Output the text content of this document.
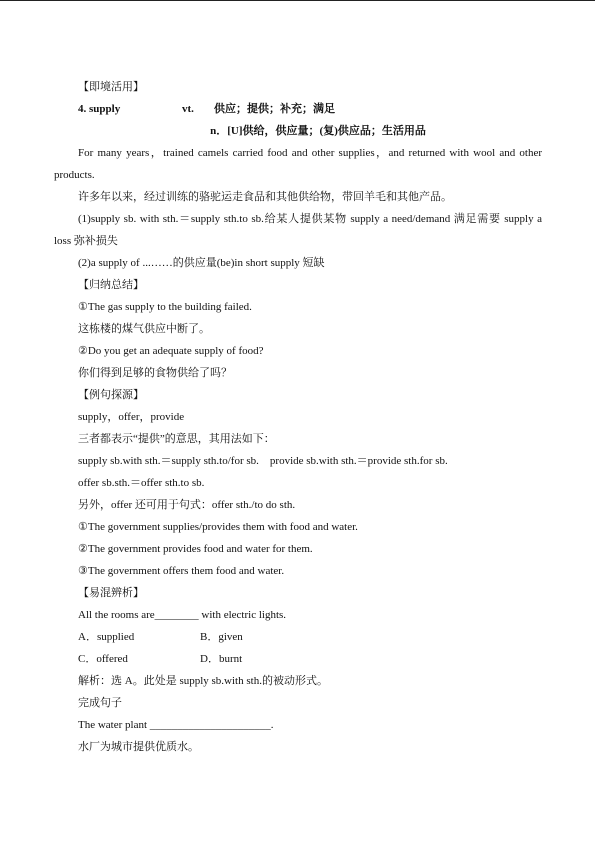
【即境活用】

4. supply	vt.	供应；提供；补充；满足

n．[U]供给，供应量；(复)供应品；生活用品

For many years，trained camels carried food and other supplies，and returned with wool and other products.

许多年以来，经过训练的骆驼运走食品和其他供给物，带回羊毛和其他产品。

(1)supply sb. with sth.＝supply sth.to sb.给某人提供某物 supply a need/demand 满足需要 supply a loss 弥补损失

(2)a supply of ...……的供应量(be)in short supply 短缺

【归纳总结】

①The gas supply to the building failed.

这栋楼的煤气供应中断了。

②Do you get an adequate supply of food?

你们得到足够的食物供给了吗？

【例句探源】

supply，offer，provide

三者都表示“提供”的意思，其用法如下：

supply sb.with sth.＝supply sth.to/for sb.    provide sb.with sth.＝provide sth.for sb.

offer sb.sth.＝offer sth.to sb.

另外，offer 还可用于句式：offer sth./to do sth.

①The government supplies/provides them with food and water.

②The government provides food and water for them.

③The government offers them food and water.

【易混辨析】

All the rooms are________ with electric lights.

A．supplied	B．given
C．offered	D．burnt

解析：选 A。此处是 supply sb.with sth.的被动形式。

完成句子

The water plant ______________________.

水厂为城市提供优质水。
